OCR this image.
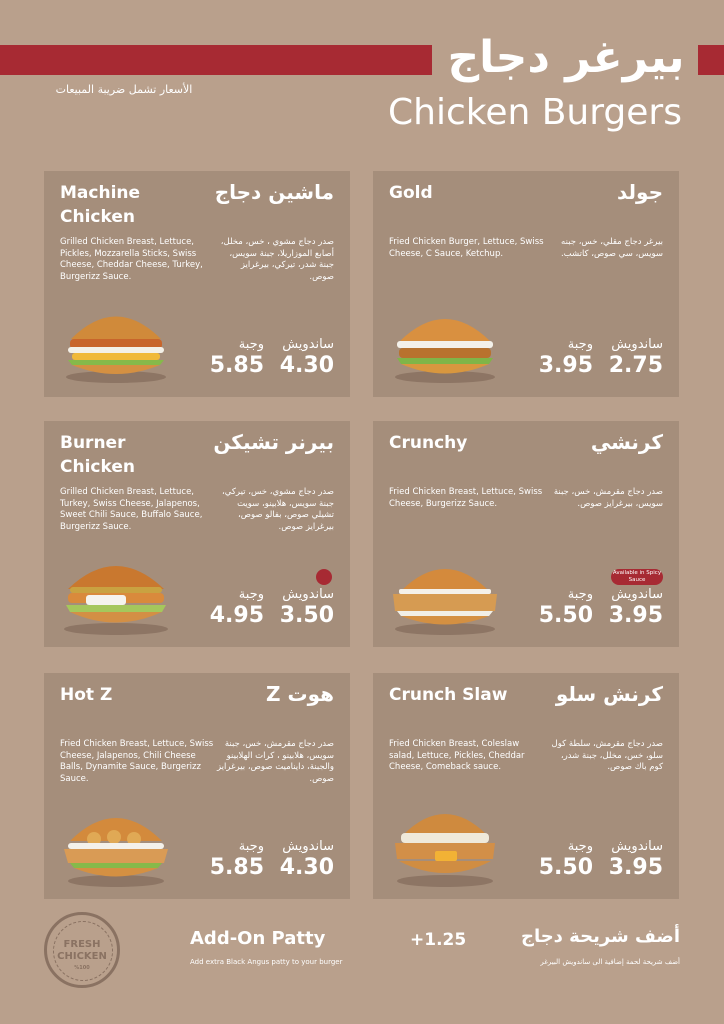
بيرغر دجاج
Chicken Burgers
الأسعار تشمل ضريبة المبيعات
Machine Chicken
ماشين دجاج
Grilled Chicken Breast, Lettuce, Pickles, Mozzarella Sticks, Swiss Cheese, Cheddar Cheese, Turkey, Burgerizz Sauce.
صدر دجاج مشوي ، خس، مخلل، أصابع الموزاريلا، جبنة سويس، جبنة شدر، تيركي، بيرغرايز صوص.
وجبة
5.85
ساندويش
4.30
Gold	جولد
Fried Chicken Burger, Lettuce, Swiss Cheese, C Sauce, Ketchup.
بيرغر دجاج مقلي، خس، جبنه سويس، سي صوص، كاتشب.
وجبة
3.95
ساندويش
2.75
Burner Chicken
بيرنر تشيكن
Grilled Chicken Breast, Lettuce, Turkey, Swiss Cheese, Jalapenos, Sweet Chili Sauce, Buffalo Sauce, Burgerizz Sauce.
صدر دجاج مشوي، خس، تيركي، جبنة سويس، هلابينو، سويت تشيلي صوص، بفالو صوص، بيرغرايز صوص.
وجبة
4.95
ساندويش
3.50
Crunchy	كرنشي
Fried Chicken Breast, Lettuce, Swiss Cheese, Burgerizz Sauce.
صدر دجاج مقرمش، خس، جبنة سويس، بيرغرايز صوص.
Available in Spicy Sauce
وجبة
5.50
ساندويش
3.95
Hot Z	هوت Z
Fried Chicken Breast, Lettuce, Swiss Cheese, Jalapenos, Chili Cheese Balls, Dynamite Sauce, Burgerizz Sauce.
صدر دجاج مقرمش، خس، جبنة سويس، هلابينو ، كرات الهلابينو والجبنة، دايناميت صوص، بيرغرايز صوص.
وجبة
5.85
ساندويش
4.30
Crunch Slaw	كرنش سلو
Fried Chicken Breast, Coleslaw salad, Lettuce, Pickles, Cheddar Cheese, Comeback sauce.
صدر دجاج مقرمش، سلطة كول سلو، خس، مخلل، جبنة شدر، كوم باك صوص.
وجبة
5.50
ساندويش
3.95
FRESH
CHICKEN
%100
Add-On Patty
Add extra Black Angus patty to your burger
+1.25	أضف شريحة دجاج
أضف شريحة لحمة إضافية الى ساندويش البيرغر
